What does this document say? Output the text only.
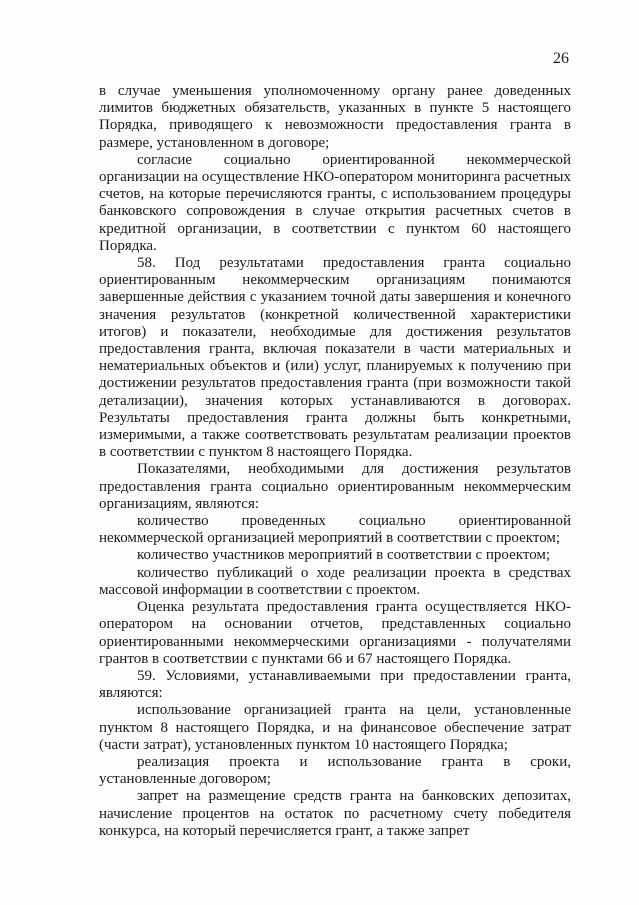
26

в случае уменьшения уполномоченному органу ранее доведенных лимитов бюджетных обязательств, указанных в пункте 5 настоящего Порядка, приводящего к невозможности предоставления гранта в размере, установленном в договоре;

согласие социально ориентированной некоммерческой организации на осуществление НКО-оператором мониторинга расчетных счетов, на которые перечисляются гранты, с использованием процедуры банковского сопровождения в случае открытия расчетных счетов в кредитной организации, в соответствии с пунктом 60 настоящего Порядка.

58. Под результатами предоставления гранта социально ориентированным некоммерческим организациям понимаются завершенные действия с указанием точной даты завершения и конечного значения результатов (конкретной количественной характеристики итогов) и показатели, необходимые для достижения результатов предоставления гранта, включая показатели в части материальных и нематериальных объектов и (или) услуг, планируемых к получению при достижении результатов предоставления гранта (при возможности такой детализации), значения которых устанавливаются в договорах. Результаты предоставления гранта должны быть конкретными, измеримыми, а также соответствовать результатам реализации проектов в соответствии с пунктом 8 настоящего Порядка.

Показателями, необходимыми для достижения результатов предоставления гранта социально ориентированным некоммерческим организациям, являются:

количество проведенных социально ориентированной некоммерческой организацией мероприятий в соответствии с проектом;

количество участников мероприятий в соответствии с проектом;

количество публикаций о ходе реализации проекта в средствах массовой информации в соответствии с проектом.

Оценка результата предоставления гранта осуществляется НКО-оператором на основании отчетов, представленных социально ориентированными некоммерческими организациями - получателями грантов в соответствии с пунктами 66 и 67 настоящего Порядка.

59. Условиями, устанавливаемыми при предоставлении гранта, являются:

использование организацией гранта на цели, установленные пунктом 8 настоящего Порядка, и на финансовое обеспечение затрат (части затрат), установленных пунктом 10 настоящего Порядка;

реализация проекта и использование гранта в сроки, установленные договором;

запрет на размещение средств гранта на банковских депозитах, начисление процентов на остаток по расчетному счету победителя конкурса, на который перечисляется грант, а также запрет
